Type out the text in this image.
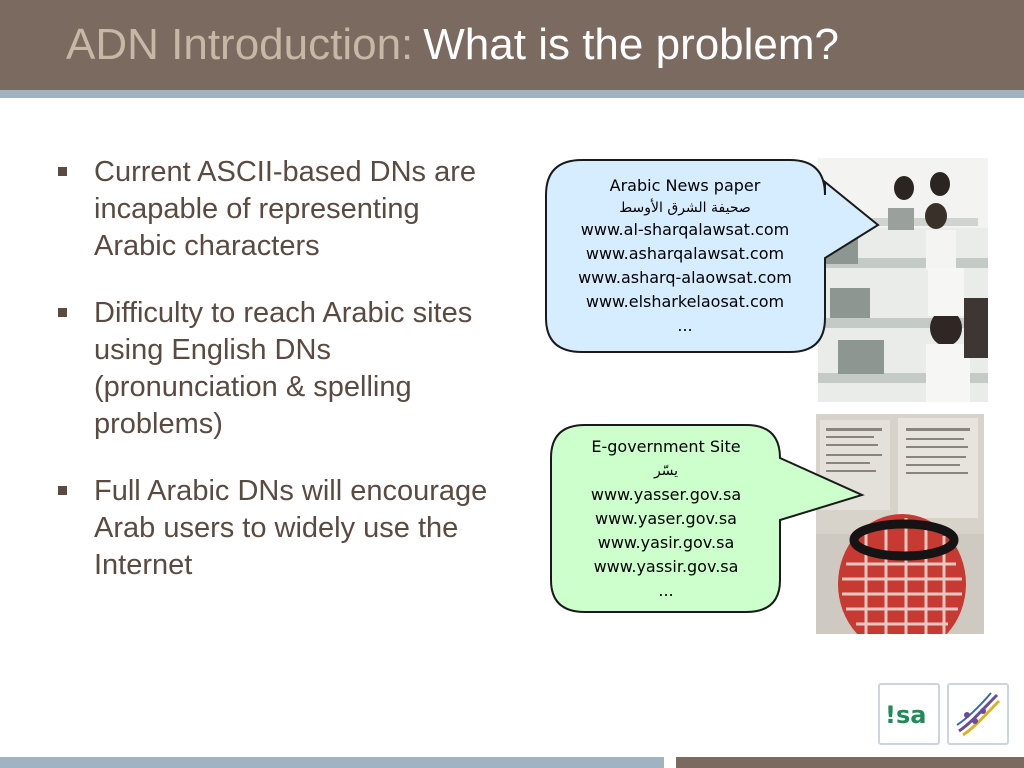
ADN Introduction: What is the problem?
Current ASCII-based DNs are incapable of representing Arabic characters
Difficulty to reach Arabic sites using English DNs (pronunciation & spelling problems)
Full Arabic DNs will encourage Arab users to widely use the Internet
Arabic News paper
صحيفة الشرق الأوسط
www.al-sharqalawsat.com
www.asharqalawsat.com
www.asharq-alaowsat.com
www.elsharkelaosat.com
...
E-government Site
يسّر
www.yasser.gov.sa
www.yaser.gov.sa
www.yasir.gov.sa
www.yassir.gov.sa
...
!sa
